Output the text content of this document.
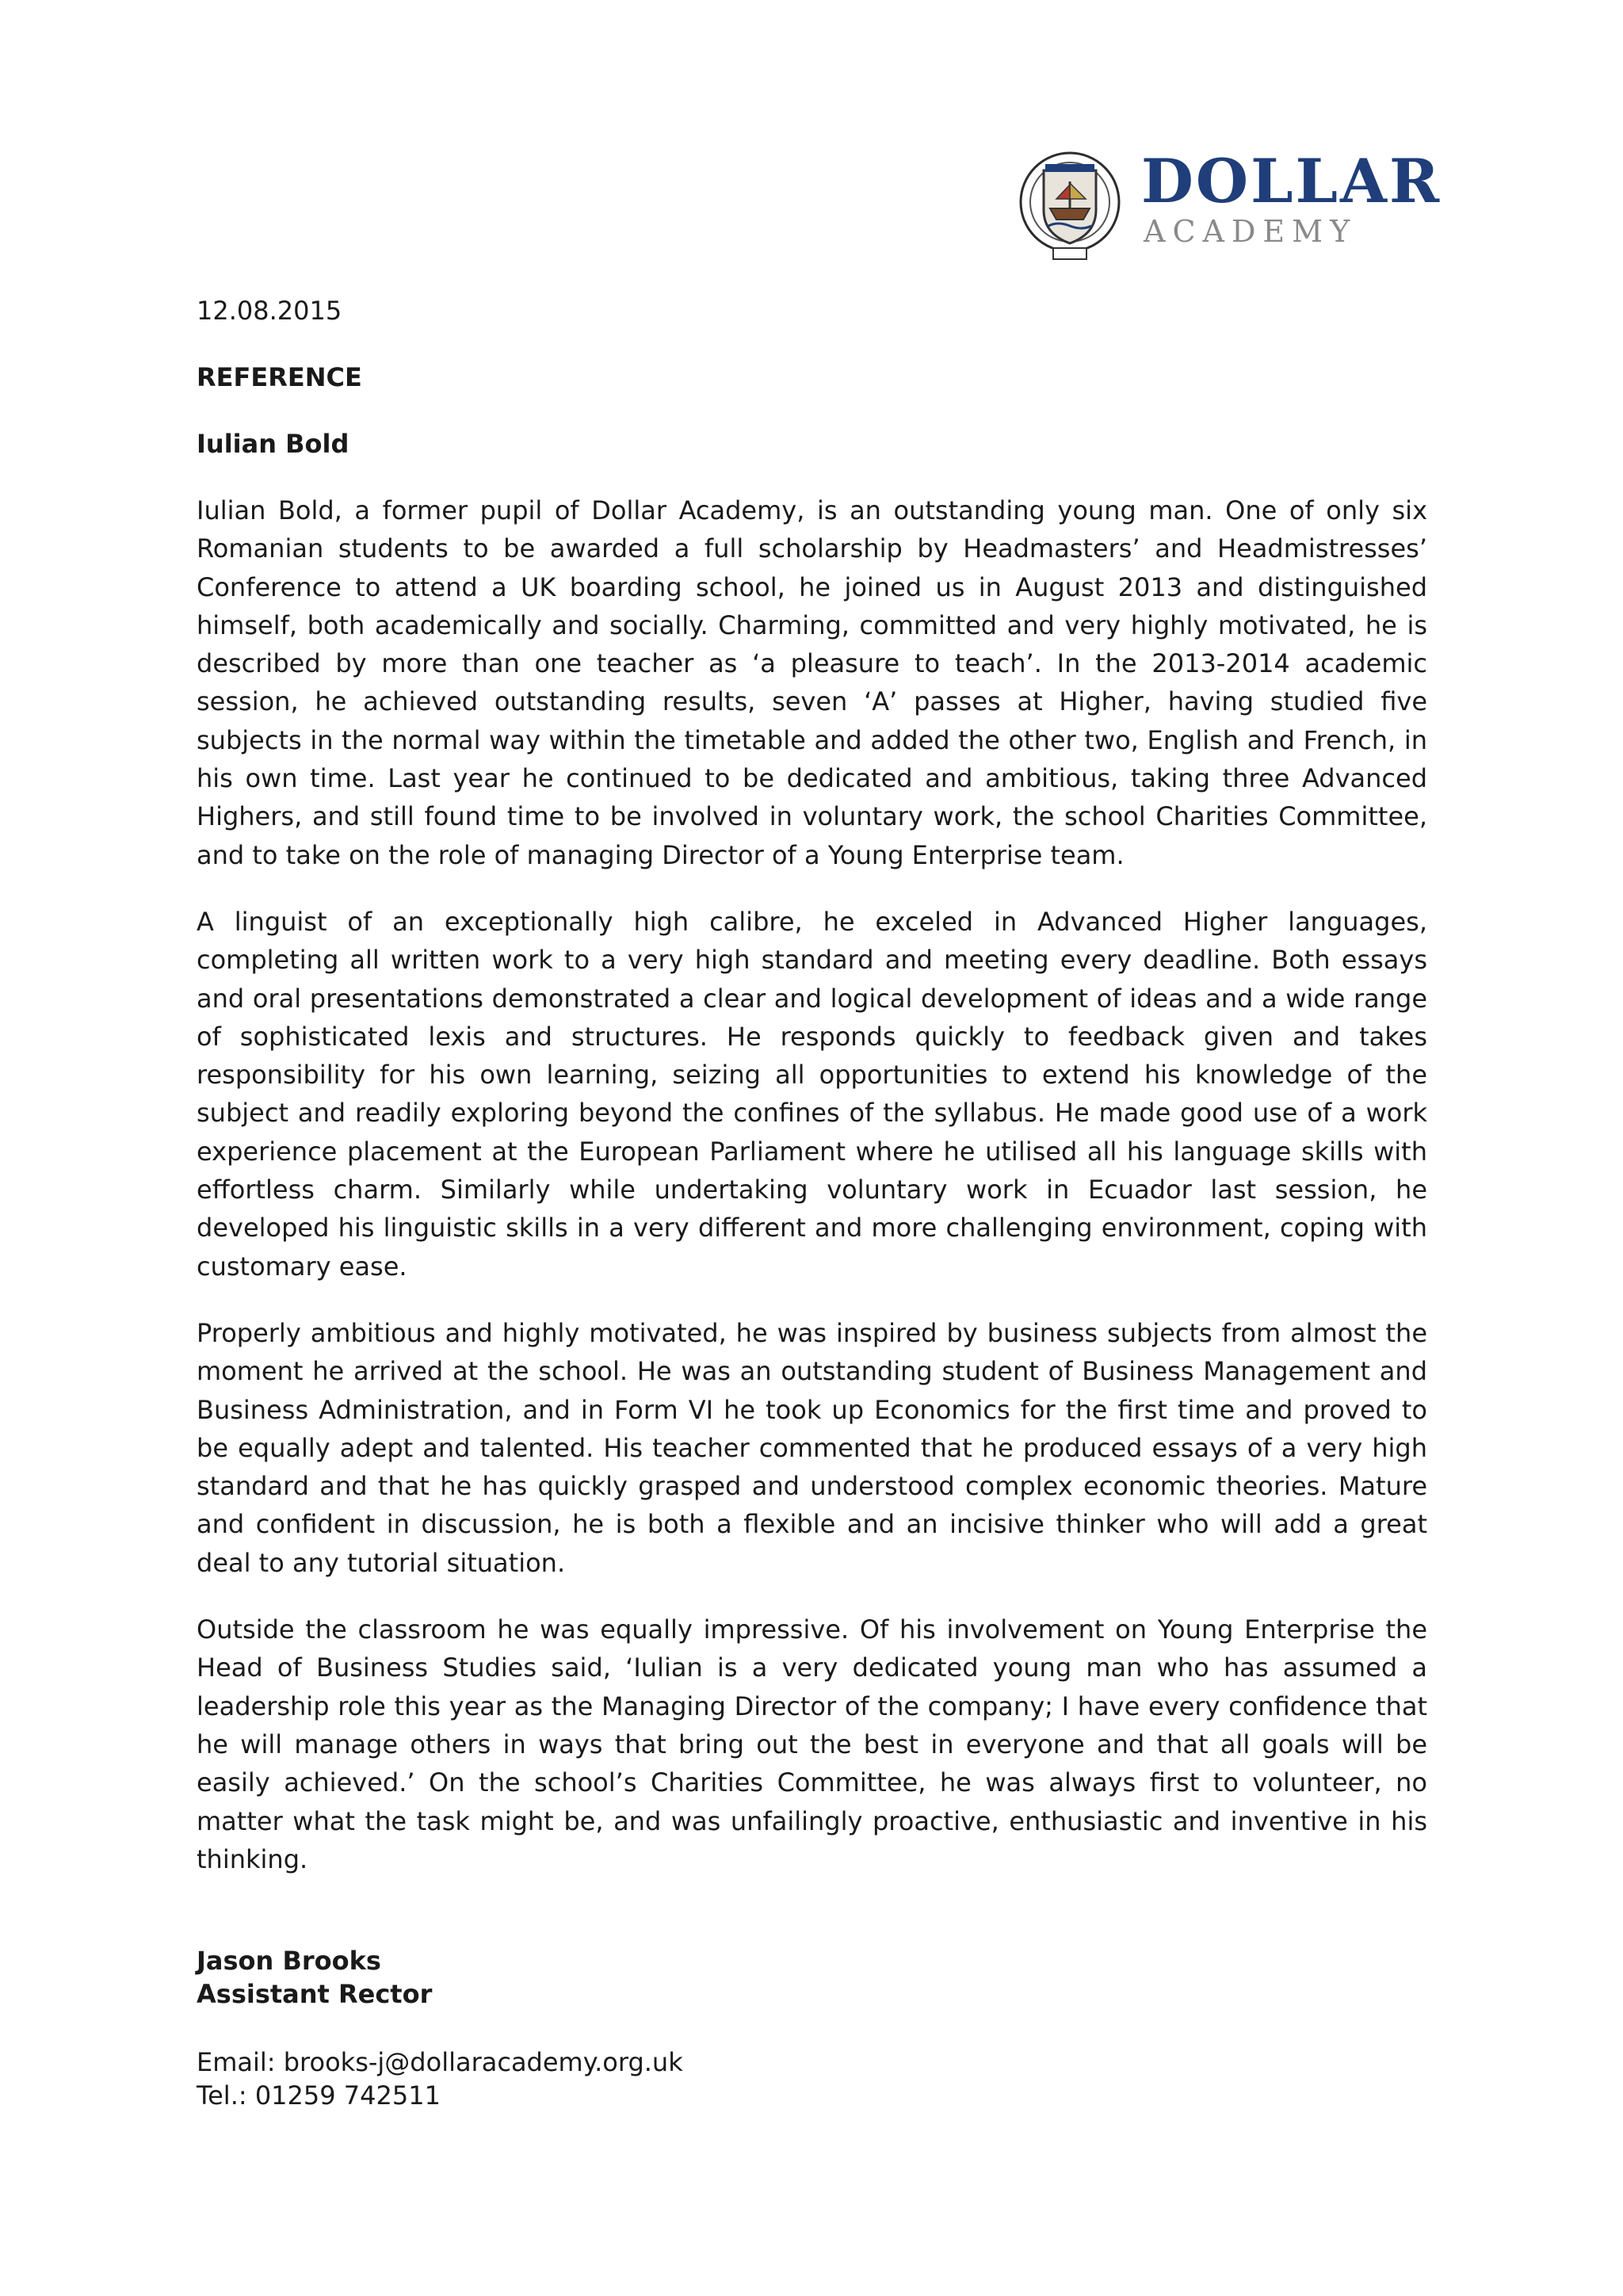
DOLLAR
ACADEMY
12.08.2015
REFERENCE
Iulian Bold

Iulian Bold, a former pupil of Dollar Academy, is an outstanding young man. One of only six Romanian students to be awarded a full scholarship by Headmasters’ and Headmistresses’ Conference to attend a UK boarding school, he joined us in August 2013 and distinguished himself, both academically and socially. Charming, committed and very highly motivated, he is described by more than one teacher as ‘a pleasure to teach’. In the 2013-2014 academic session, he achieved outstanding results, seven ‘A’ passes at Higher, having studied five subjects in the normal way within the timetable and added the other two, English and French, in his own time. Last year he continued to be dedicated and ambitious, taking three Advanced Highers, and still found time to be involved in voluntary work, the school Charities Committee, and to take on the role of managing Director of a Young Enterprise team.

A linguist of an exceptionally high calibre, he exceled in Advanced Higher languages, completing all written work to a very high standard and meeting every deadline. Both essays and oral presentations demonstrated a clear and logical development of ideas and a wide range of sophisticated lexis and structures. He responds quickly to feedback given and takes responsibility for his own learning, seizing all opportunities to extend his knowledge of the subject and readily exploring beyond the confines of the syllabus. He made good use of a work experience placement at the European Parliament where he utilised all his language skills with effortless charm. Similarly while undertaking voluntary work in Ecuador last session, he developed his linguistic skills in a very different and more challenging environment, coping with customary ease.

Properly ambitious and highly motivated, he was inspired by business subjects from almost the moment he arrived at the school. He was an outstanding student of Business Management and Business Administration, and in Form VI he took up Economics for the first time and proved to be equally adept and talented. His teacher commented that he produced essays of a very high standard and that he has quickly grasped and understood complex economic theories. Mature and confident in discussion, he is both a flexible and an incisive thinker who will add a great deal to any tutorial situation.

Outside the classroom he was equally impressive. Of his involvement on Young Enterprise the Head of Business Studies said, ‘Iulian is a very dedicated young man who has assumed a leadership role this year as the Managing Director of the company; I have every confidence that he will manage others in ways that bring out the best in everyone and that all goals will be easily achieved.’ On the school’s Charities Committee, he was always first to volunteer, no matter what the task might be, and was unfailingly proactive, enthusiastic and inventive in his thinking.

Jason Brooks
Assistant Rector
Email: brooks-j@dollaracademy.org.uk
Tel.: 01259 742511
